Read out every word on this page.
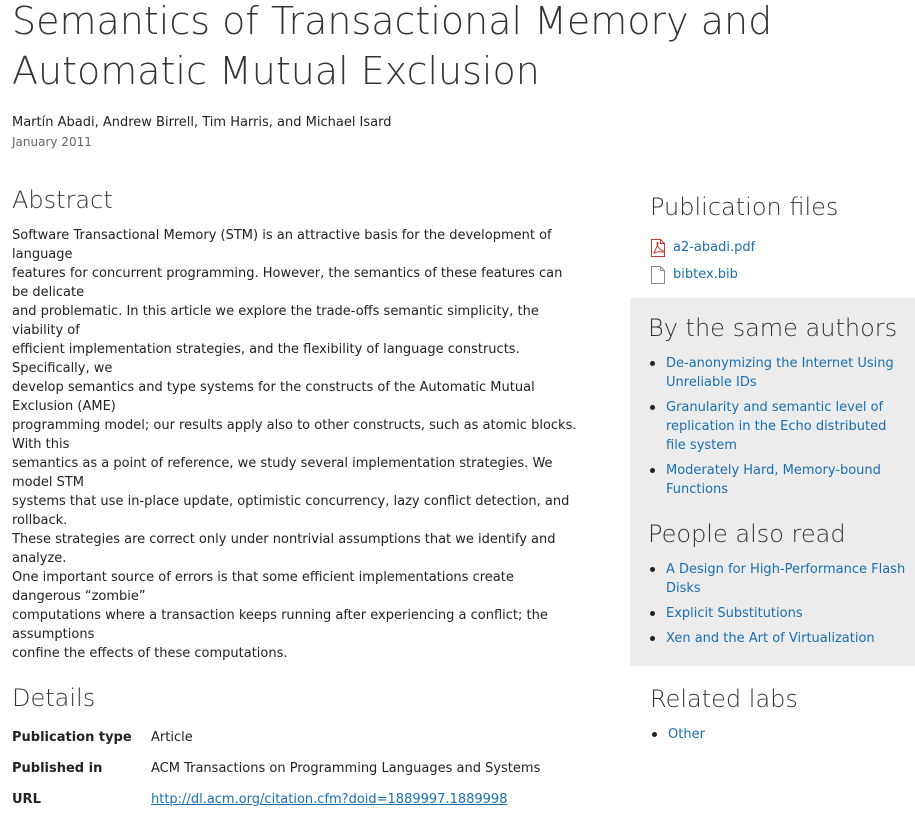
Semantics of Transactional Memory and Automatic Mutual Exclusion

Martín Abadi, Andrew Birrell, Tim Harris, and Michael Isard

January 2011

Abstract
Software Transactional Memory (STM) is an attractive basis for the development of
language
features for concurrent programming. However, the semantics of these features can
be delicate
and problematic. In this article we explore the trade-offs semantic simplicity, the
viability of
efficient implementation strategies, and the flexibility of language constructs.
Specifically, we
develop semantics and type systems for the constructs of the Automatic Mutual
Exclusion (AME)
programming model; our results apply also to other constructs, such as atomic blocks.
With this
semantics as a point of reference, we study several implementation strategies. We
model STM
systems that use in-place update, optimistic concurrency, lazy conflict detection, and
rollback.
These strategies are correct only under nontrivial assumptions that we identify and
analyze.
One important source of errors is that some efficient implementations create
dangerous “zombie”
computations where a transaction keeps running after experiencing a conflict; the
assumptions
confine the effects of these computations.
Details
Publication type	Article
Published in	ACM Transactions on Programming Languages and Systems
URL	http://dl.acm.org/citation.cfm?doid=1889997.1889998
Publication files
a2-abadi.pdf
bibtex.bib
By the same authors
De-anonymizing the Internet Using Unreliable IDs
Granularity and semantic level of replication in the Echo distributed file system
Moderately Hard, Memory-bound Functions
People also read
A Design for High-Performance Flash Disks
Explicit Substitutions
Xen and the Art of Virtualization
Related labs
Other
